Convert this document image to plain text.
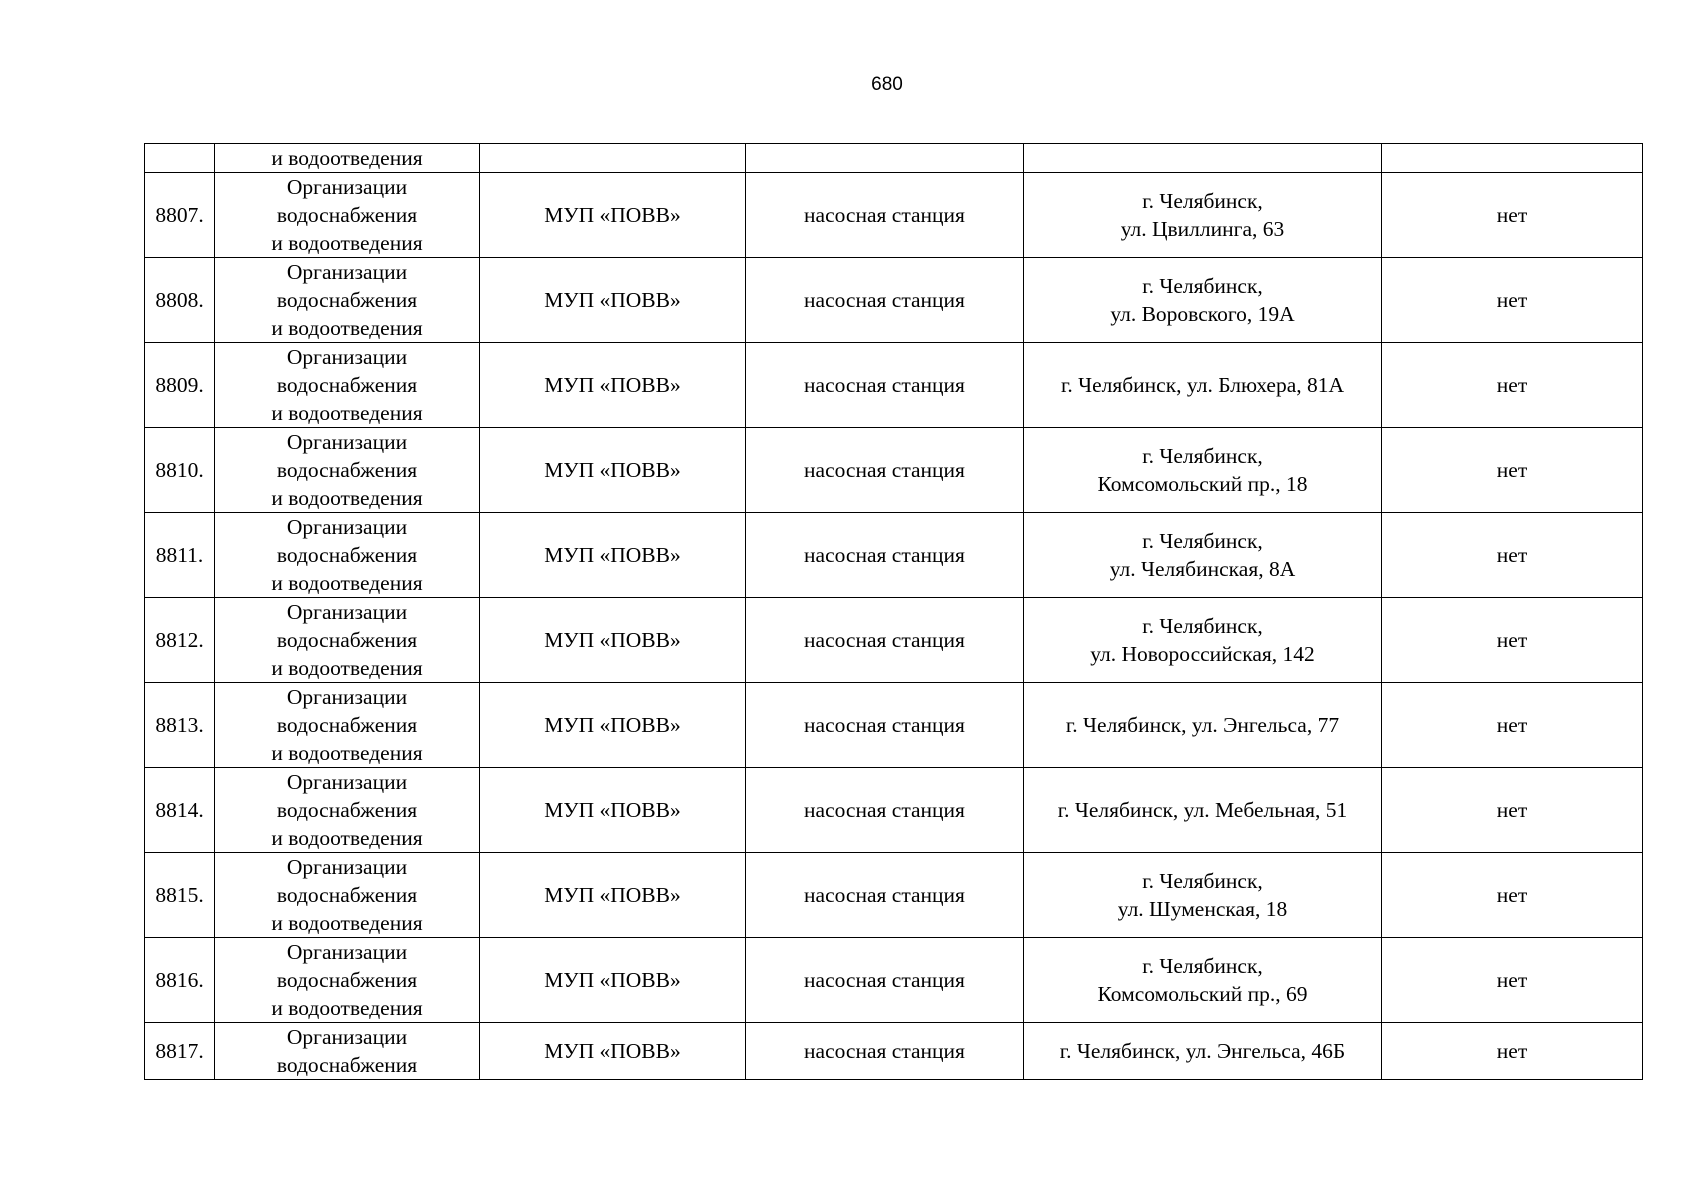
680

	и водоотведения				

8807.	Организации
водоснабжения
и водоотведения	МУП «ПОВВ»	насосная станция	г. Челябинск,
ул. Цвиллинга, 63	нет
8808.	Организации
водоснабжения
и водоотведения	МУП «ПОВВ»	насосная станция	г. Челябинск,
ул. Воровского, 19А	нет
8809.	Организации
водоснабжения
и водоотведения	МУП «ПОВВ»	насосная станция	г. Челябинск, ул. Блюхера, 81А	нет
8810.	Организации
водоснабжения
и водоотведения	МУП «ПОВВ»	насосная станция	г. Челябинск,
Комсомольский пр., 18	нет
8811.	Организации
водоснабжения
и водоотведения	МУП «ПОВВ»	насосная станция	г. Челябинск,
ул. Челябинская, 8А	нет
8812.	Организации
водоснабжения
и водоотведения	МУП «ПОВВ»	насосная станция	г. Челябинск,
ул. Новороссийская, 142	нет
8813.	Организации
водоснабжения
и водоотведения	МУП «ПОВВ»	насосная станция	г. Челябинск, ул. Энгельса, 77	нет
8814.	Организации
водоснабжения
и водоотведения	МУП «ПОВВ»	насосная станция	г. Челябинск, ул. Мебельная, 51	нет
8815.	Организации
водоснабжения
и водоотведения	МУП «ПОВВ»	насосная станция	г. Челябинск,
ул. Шуменская, 18	нет
8816.	Организации
водоснабжения
и водоотведения	МУП «ПОВВ»	насосная станция	г. Челябинск,
Комсомольский пр., 69	нет
8817.	Организации
водоснабжения	МУП «ПОВВ»	насосная станция	г. Челябинск, ул. Энгельса, 46Б	нет
